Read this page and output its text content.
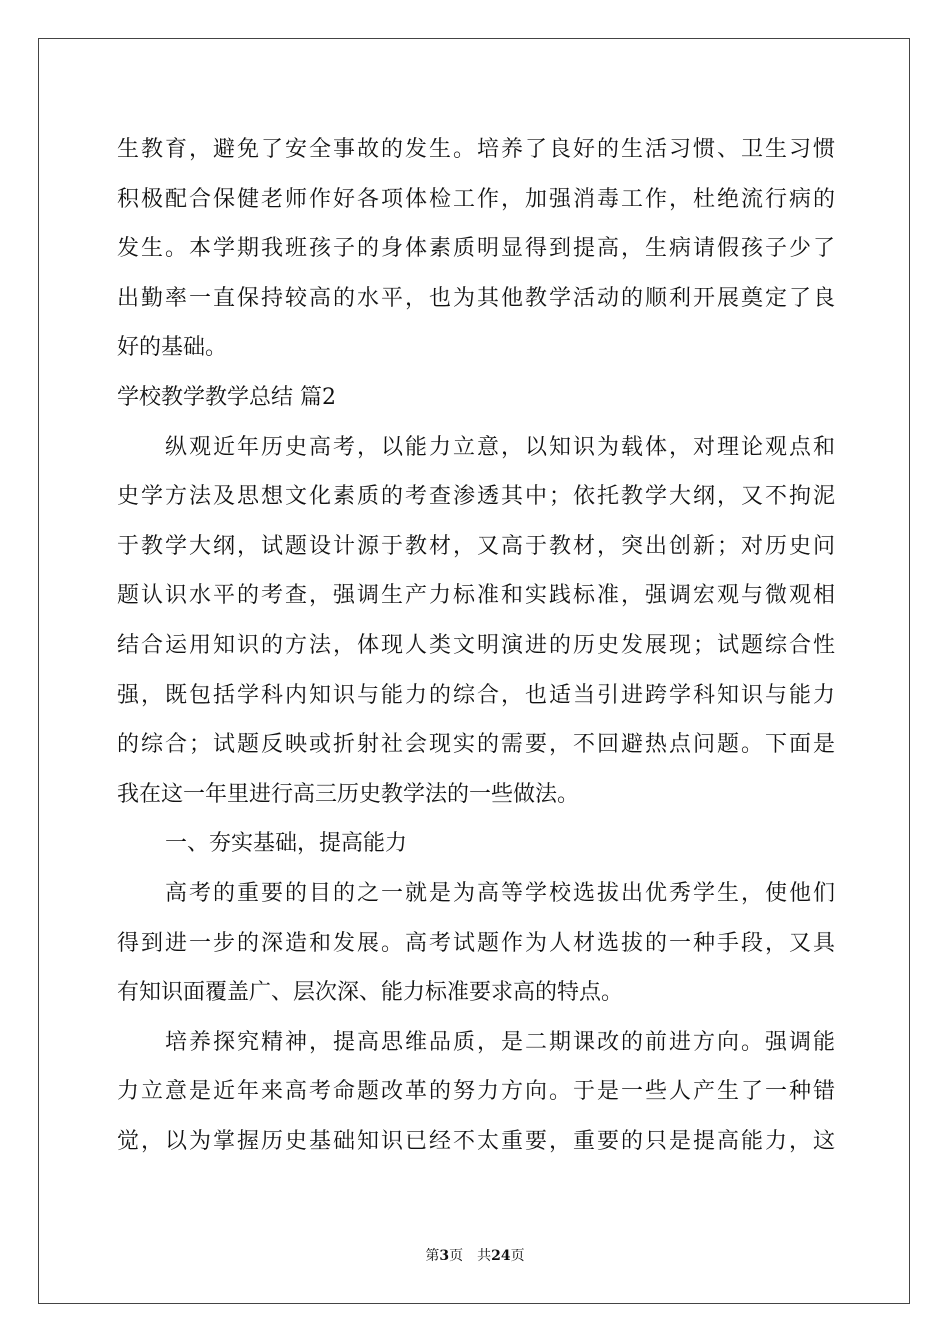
生教育，避免了安全事故的发生。培养了良好的生活习惯、卫生习惯
积极配合保健老师作好各项体检工作，加强消毒工作，杜绝流行病的
发生。本学期我班孩子的身体素质明显得到提高，生病请假孩子少了
出勤率一直保持较高的水平，也为其他教学活动的顺利开展奠定了良
好的基础。
学校教学教学总结 篇2
纵观近年历史高考，以能力立意，以知识为载体，对理论观点和
史学方法及思想文化素质的考查渗透其中；依托教学大纲，又不拘泥
于教学大纲，试题设计源于教材，又高于教材，突出创新；对历史问
题认识水平的考查，强调生产力标准和实践标准，强调宏观与微观相
结合运用知识的方法，体现人类文明演进的历史发展现；试题综合性
强，既包括学科内知识与能力的综合，也适当引进跨学科知识与能力
的综合；试题反映或折射社会现实的需要，不回避热点问题。下面是
我在这一年里进行高三历史教学法的一些做法。
一、夯实基础，提高能力
高考的重要的目的之一就是为高等学校选拔出优秀学生，使他们
得到进一步的深造和发展。高考试题作为人材选拔的一种手段，又具
有知识面覆盖广、层次深、能力标准要求高的特点。
培养探究精神，提高思维品质，是二期课改的前进方向。强调能
力立意是近年来高考命题改革的努力方向。于是一些人产生了一种错
觉，以为掌握历史基础知识已经不太重要，重要的只是提高能力，这
第3页 共24页
